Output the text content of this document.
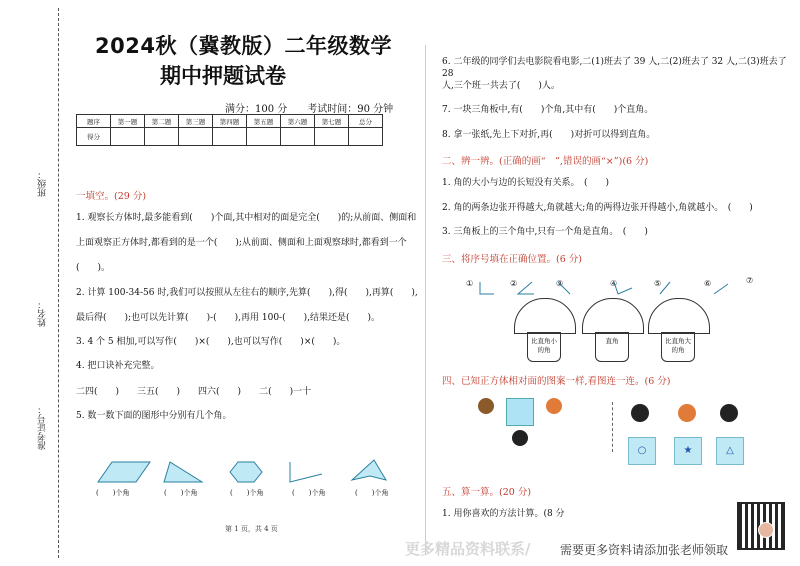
班级：
姓名：
准考证号：
2024秋（冀教版）二年级数学
期中押题试卷
满分：100 分　　考试时间：90 分钟
题序	第一题	第二题	第三题	第四题	第五题	第六题	第七题	总分
得分								
一填空。(29 分)
1. 观察长方体时,最多能看到(　　)个面,其中相对的面是完全(　　)的;从前面、侧面和
上面观察正方体时,都看到的是一个(　　);从前面、侧面和上面观察球时,都看到一个
(　　)。
2. 计算 100-34-56 时,我们可以按照从左往右的顺序,先算(　　),得(　　),再算(　　),
最后得(　　);也可以先计算(　　)-(　　),再用 100-(　　),结果还是(　　)。
3. 4 个 5 相加,可以写作(　　)×(　　),也可以写作(　　)×(　　)。
4. 把口诀补充完整。
二四(　　)　　三五(　　)　　四六(　　)　　二(　　)一十
5. 数一数下面的图形中分别有几个角。
(　　)个角	(　　)个角	(　　)个角	(　　)个角	(　　)个角
6. 二年级的同学们去电影院看电影,二(1)班去了 39 人,二(2)班去了 32 人,二(3)班去了 28
人,三个班一共去了(　　)人。
7. 一块三角板中,有(　　)个角,其中有(　　)个直角。
8. 拿一张纸,先上下对折,再(　　)对折可以得到直角。
二、辨一辨。(正确的画“　”,错误的画“×”)(6 分)
1. 角的大小与边的长短没有关系。　(　　)
2. 角的两条边张开得越大,角就越大;角的两得边张开得越小,角就越小。　(　　)
3. 三角板上的三个角中,只有一个角是直角。　(　　)
三、将序号填在正确位置。(6 分)
①	②	③	④	⑤	⑥	⑦
比直角小的角
直角	比直角大的角
四、已知正方体相对面的图案一样,看图连一连。(6 分)
○	★	△
五、算一算。(20 分)
1. 用你喜欢的方法计算。(8 分
第 1 页，共 4 页
更多精品资料联系/ 需要更多资料请添加张老师领取
